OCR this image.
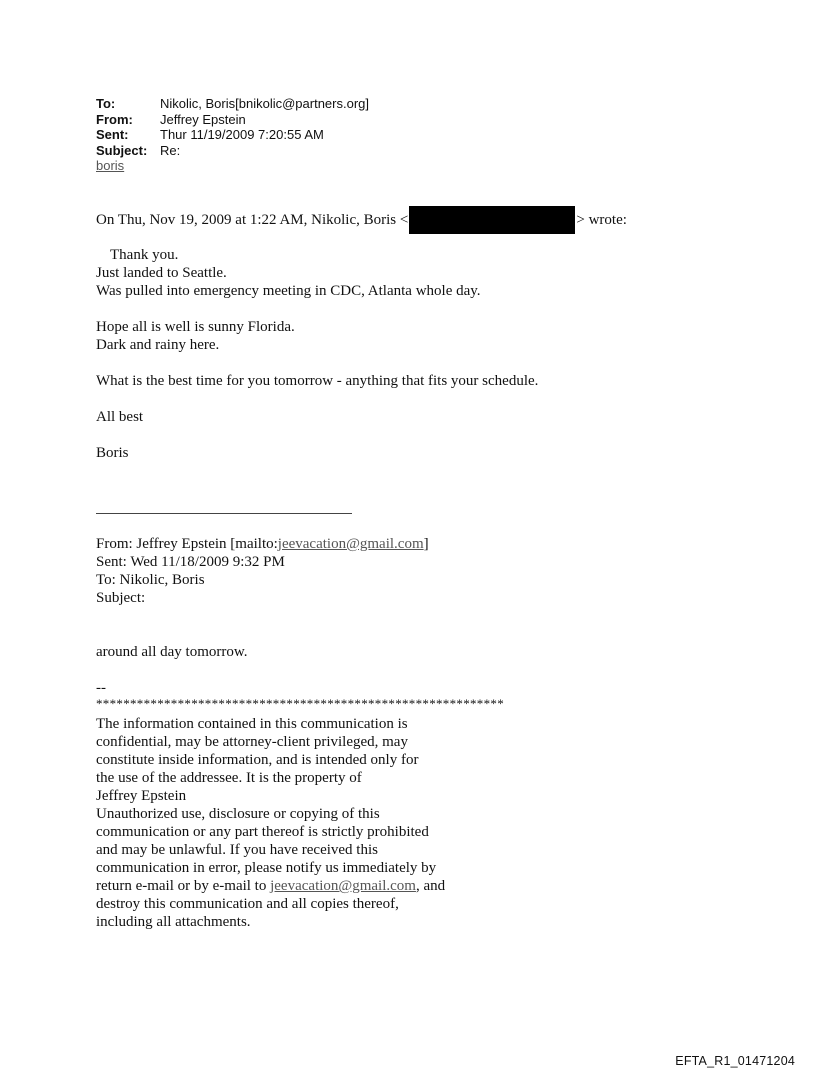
To:	Nikolic, Boris[bnikolic@partners.org]
From:	Jeffrey Epstein
Sent:	Thur 11/19/2009 7:20:55 AM
Subject: Re:
boris
On Thu, Nov 19, 2009 at 1:22 AM, Nikolic, Boris <	> wrote:

Thank you.

Just landed to Seattle.

Was pulled into emergency meeting in CDC, Atlanta whole day.

Hope all is well is sunny Florida.

Dark and rainy here.

What is the best time for you tomorrow - anything that fits your schedule.

All best

Boris

From: Jeffrey Epstein [mailto:jeevacation@gmail.com]

Sent: Wed 11/18/2009 9:32 PM

To: Nikolic, Boris

Subject:

around all day tomorrow.

--

************************************************************

The information contained in this communication is

confidential, may be attorney-client privileged, may

constitute inside information, and is intended only for

the use of the addressee. It is the property of

Jeffrey Epstein

Unauthorized use, disclosure or copying of this

communication or any part thereof is strictly prohibited

and may be unlawful. If you have received this

communication in error, please notify us immediately by

return e-mail or by e-mail to jeevacation@gmail.com, and

destroy this communication and all copies thereof,

including all attachments.

EFTA_R1_01471204
